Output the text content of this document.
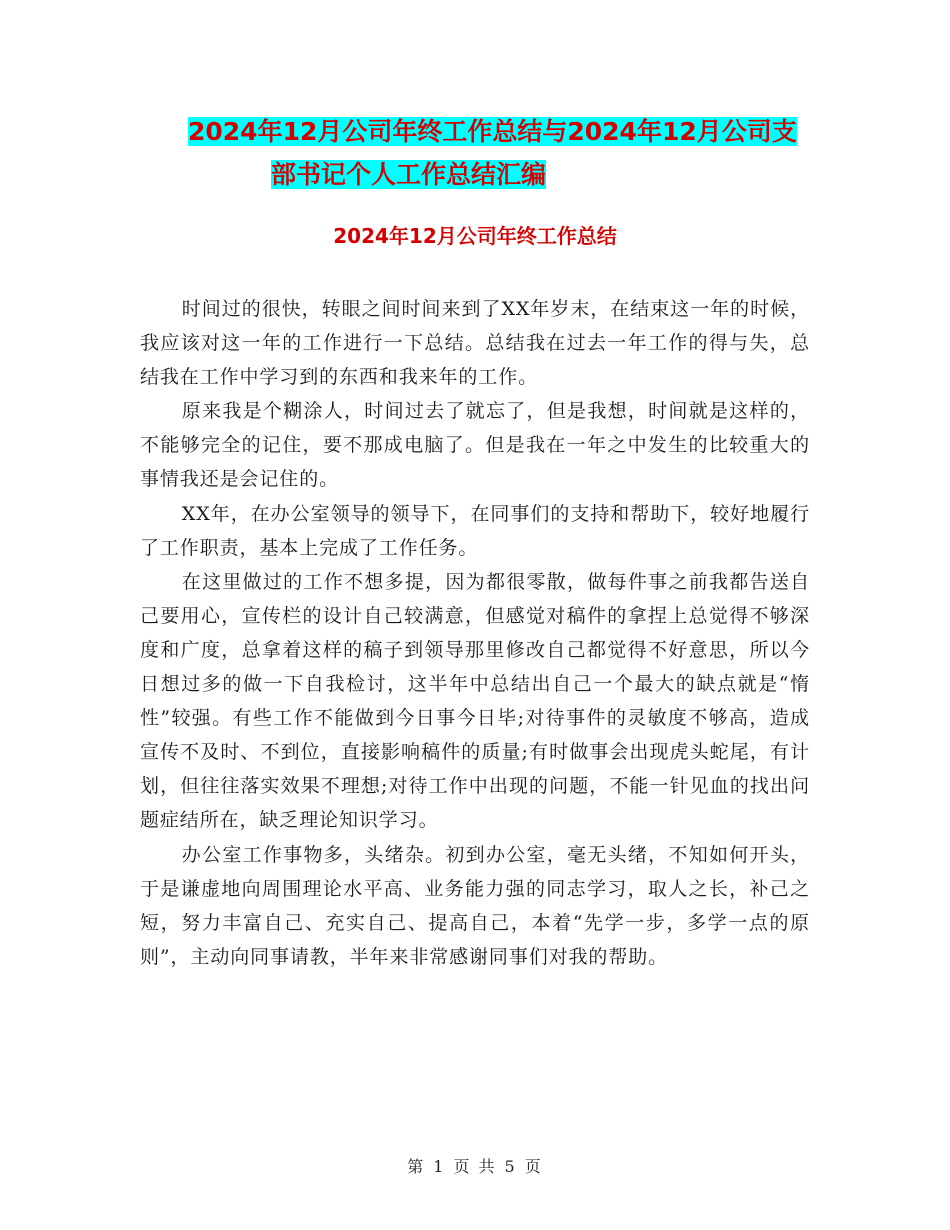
2024年12月公司年终工作总结与2024年12月公司支
部书记个人工作总结汇编
2024年12月公司年终工作总结

时间过的很快，转眼之间时间来到了XX年岁末，在结束这一年的时候，我应该对这一年的工作进行一下总结。总结我在过去一年工作的得与失，总结我在工作中学习到的东西和我来年的工作。

原来我是个糊涂人，时间过去了就忘了，但是我想，时间就是这样的，不能够完全的记住，要不那成电脑了。但是我在一年之中发生的比较重大的事情我还是会记住的。

XX年，在办公室领导的领导下，在同事们的支持和帮助下，较好地履行了工作职责，基本上完成了工作任务。

在这里做过的工作不想多提，因为都很零散，做每件事之前我都告送自己要用心，宣传栏的设计自己较满意，但感觉对稿件的拿捏上总觉得不够深度和广度，总拿着这样的稿子到领导那里修改自己都觉得不好意思，所以今日想过多的做一下自我检讨，这半年中总结出自己一个最大的缺点就是“惰性”较强。有些工作不能做到今日事今日毕;对待事件的灵敏度不够高，造成宣传不及时、不到位，直接影响稿件的质量;有时做事会出现虎头蛇尾，有计划，但往往落实效果不理想;对待工作中出现的问题，不能一针见血的找出问题症结所在，缺乏理论知识学习。

办公室工作事物多，头绪杂。初到办公室，毫无头绪，不知如何开头，于是谦虚地向周围理论水平高、业务能力强的同志学习，取人之长，补己之短，努力丰富自己、充实自己、提高自己，本着“先学一步，多学一点的原则”，主动向同事请教，半年来非常感谢同事们对我的帮助。

第 1 页 共 5 页
